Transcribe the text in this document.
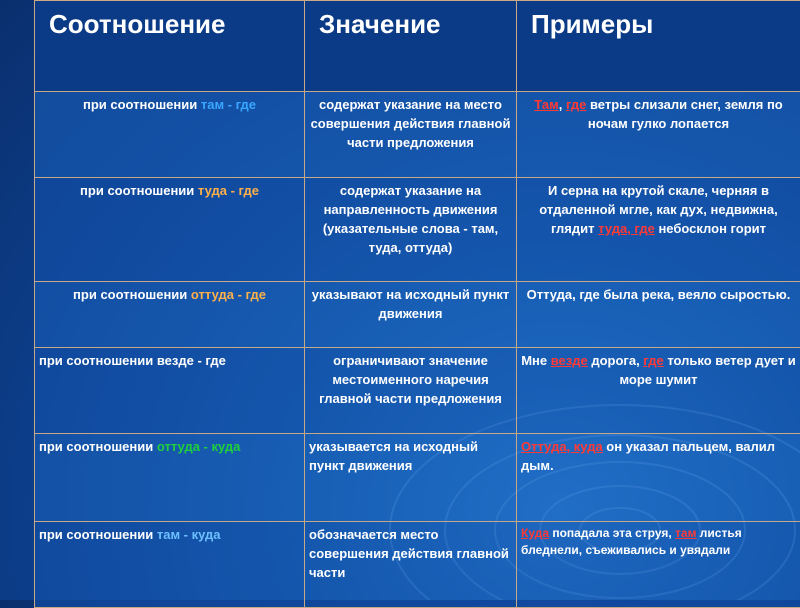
Соотношение	Значение	Примеры
при соотношении там - где	содержат указание на место совершения действия главной части предложения	Там, где ветры слизали снег, земля по ночам гулко лопается
при соотношении туда - где	содержат указание на направленность движения (указательные слова - там, туда, оттуда)	И серна на крутой скале, черняя в отдаленной мгле, как дух, недвижна, глядит туда, где небосклон горит
при соотношении оттуда - где	указывают на исходный пункт движения	Оттуда, где была река, веяло сыростью.
при соотношении везде - где	ограничивают значение местоименного наречия главной части предложения	Мне везде дорога, где только ветер дует и море шумит
при соотношении оттуда - куда	указывается на исходный пункт движения	Оттуда, куда он указал пальцем, валил дым.
при соотношении там - куда	обозначается место совершения действия главной части	Куда попадала эта струя, там листья бледнели, съеживались и увядали
